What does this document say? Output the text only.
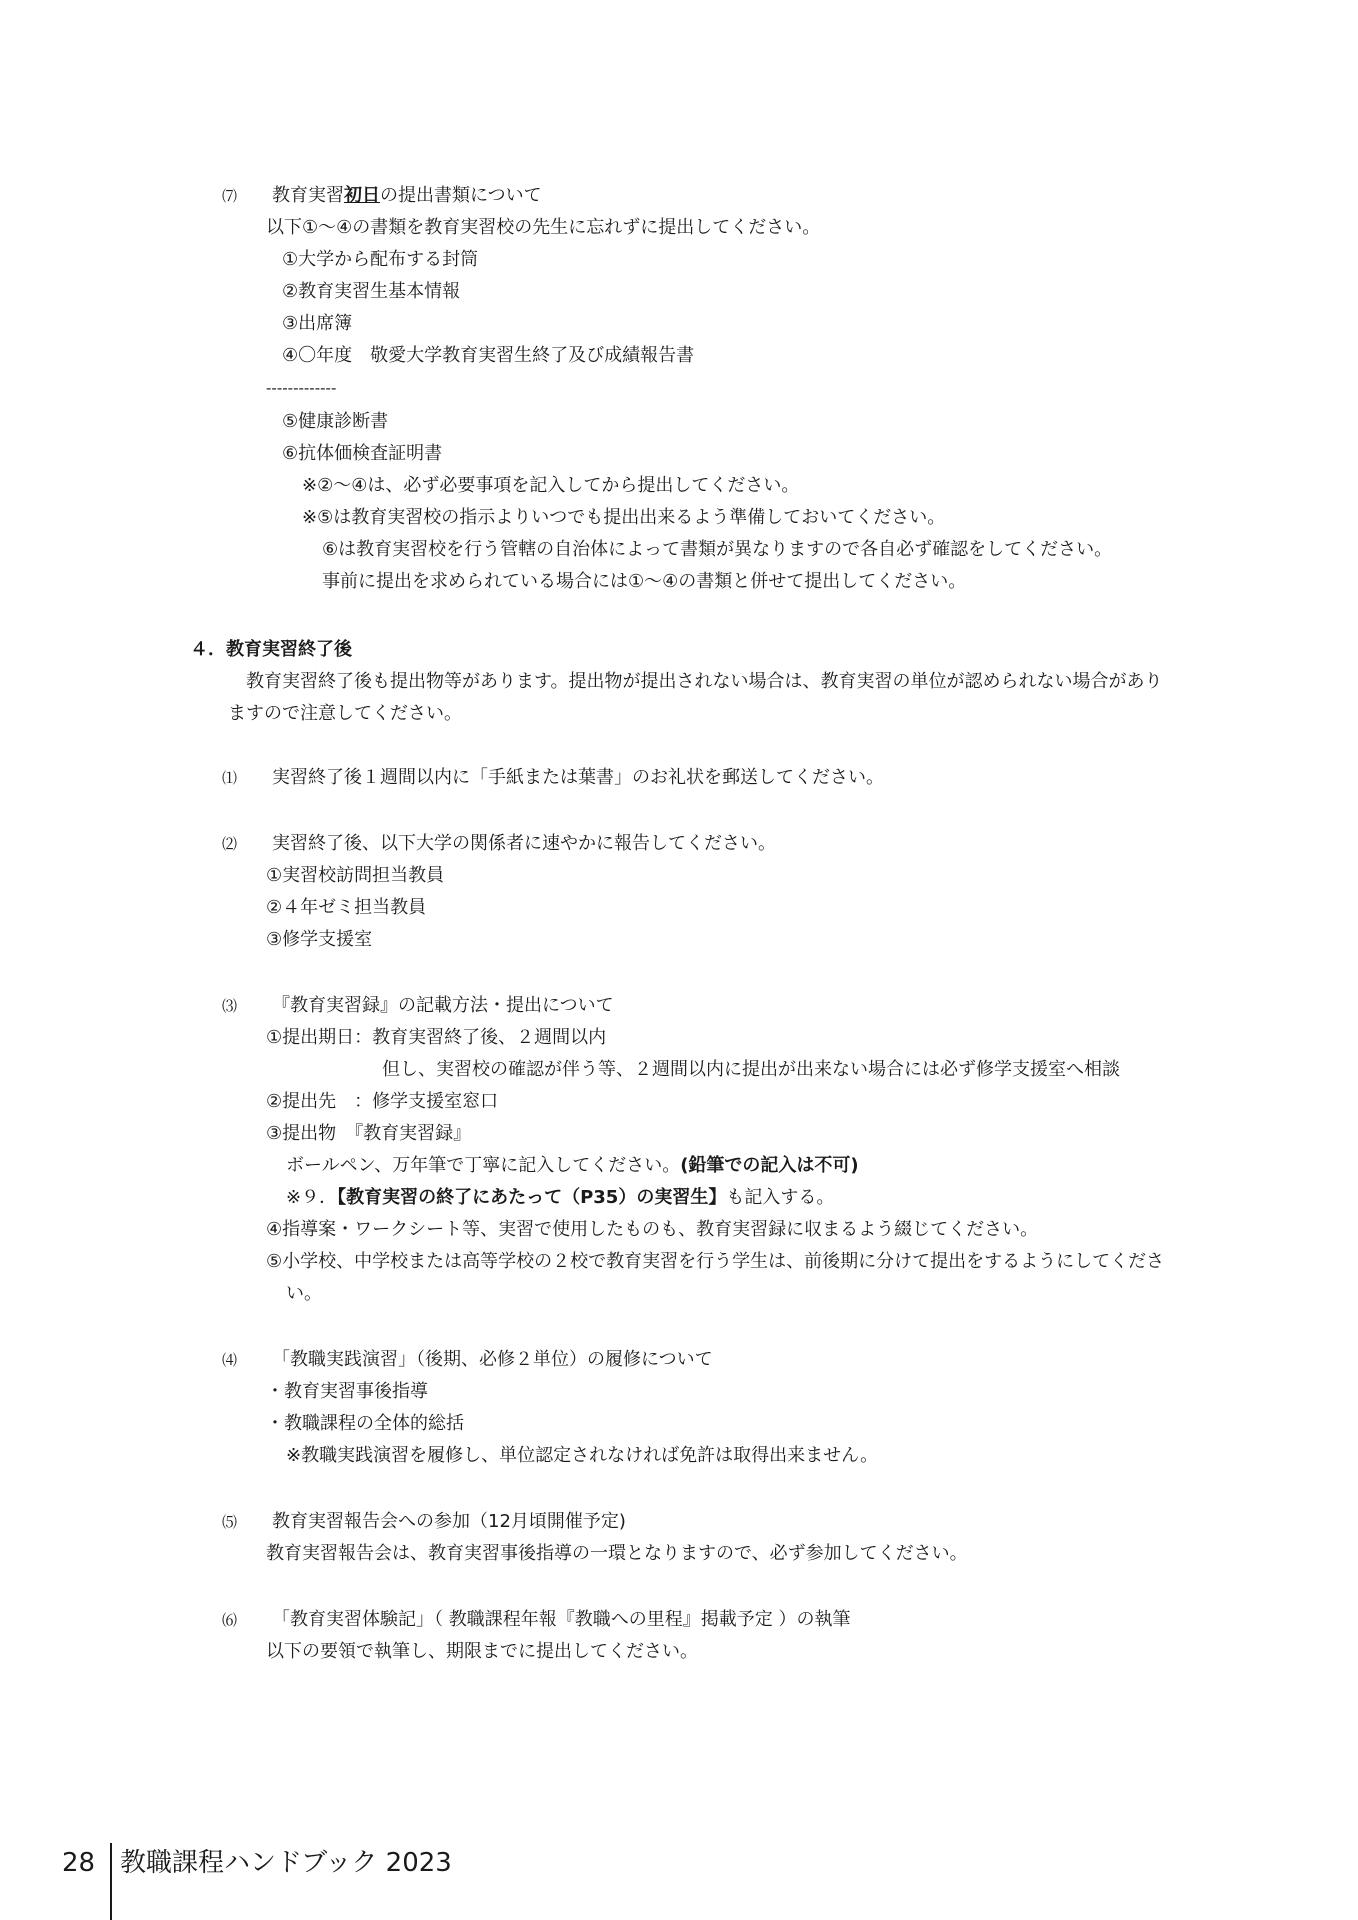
⑺ 教育実習初日の提出書類について
以下①～④の書類を教育実習校の先生に忘れずに提出してください。
①大学から配布する封筒
②教育実習生基本情報
③出席簿
④〇年度　敬愛大学教育実習生終了及び成績報告書
-------------
⑤健康診断書
⑥抗体価検査証明書
※②～④は、必ず必要事項を記入してから提出してください。
※⑤は教育実習校の指示よりいつでも提出出来るよう準備しておいてください。
⑥は教育実習校を行う管轄の自治体によって書類が異なりますので各自必ず確認をしてください。
事前に提出を求められている場合には①～④の書類と併せて提出してください。
４．教育実習終了後
教育実習終了後も提出物等があります。提出物が提出されない場合は、教育実習の単位が認められない場合があり
ますので注意してください。
⑴ 実習終了後１週間以内に「手紙または葉書」のお礼状を郵送してください。
⑵ 実習終了後、以下大学の関係者に速やかに報告してください。
①実習校訪問担当教員
②４年ゼミ担当教員
③修学支援室
⑶ 『教育実習録』の記載方法・提出について
①提出期日：教育実習終了後、２週間以内
但し、実習校の確認が伴う等、２週間以内に提出が出来ない場合には必ず修学支援室へ相談
②提出先　：修学支援室窓口
③提出物　『教育実習録』
ボールペン、万年筆で丁寧に記入してください。(鉛筆での記入は不可)
※９．【教育実習の終了にあたって（P35）の実習生】も記入する。
④指導案・ワークシート等、実習で使用したものも、教育実習録に収まるよう綴じてください。
⑤小学校、中学校または高等学校の２校で教育実習を行う学生は、前後期に分けて提出をするようにしてくださ
い。
⑷ 「教職実践演習」（後期、必修２単位）の履修について
・教育実習事後指導
・教職課程の全体的総括
※教職実践演習を履修し、単位認定されなければ免許は取得出来ません。
⑸ 教育実習報告会への参加（12月頃開催予定)
教育実習報告会は、教育実習事後指導の一環となりますので、必ず参加してください。
⑹ 「教育実習体験記」（ 教職課程年報『教職への里程』掲載予定 ）の執筆
以下の要領で執筆し、期限までに提出してください。
28 教職課程ハンドブック 2023
